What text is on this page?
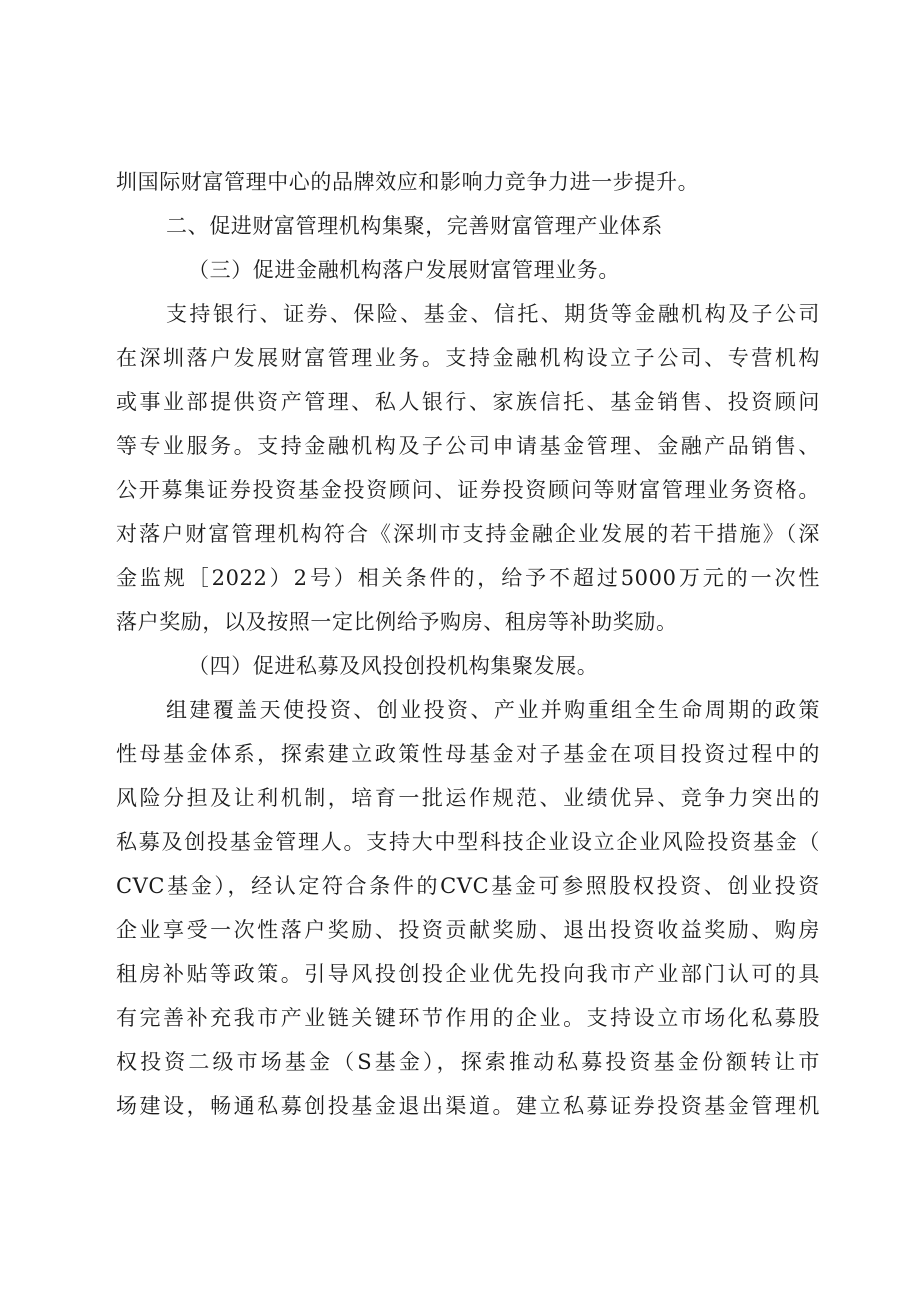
圳国际财富管理中心的品牌效应和影响力竞争力进一步提升。
二、促进财富管理机构集聚，完善财富管理产业体系
（三）促进金融机构落户发展财富管理业务。
支持银行、证券、保险、基金、信托、期货等金融机构及子公司
在深圳落户发展财富管理业务。支持金融机构设立子公司、专营机构
或事业部提供资产管理、私人银行、家族信托、基金销售、投资顾问
等专业服务。支持金融机构及子公司申请基金管理、金融产品销售、
公开募集证券投资基金投资顾问、证券投资顾问等财富管理业务资格。
对落户财富管理机构符合《深圳市支持金融企业发展的若干措施》（深
金监规［2022）2号）相关条件的，给予不超过5000万元的一次性
落户奖励，以及按照一定比例给予购房、租房等补助奖励。
（四）促进私募及风投创投机构集聚发展。
组建覆盖天使投资、创业投资、产业并购重组全生命周期的政策
性母基金体系，探索建立政策性母基金对子基金在项目投资过程中的
风险分担及让利机制，培育一批运作规范、业绩优异、竞争力突出的
私募及创投基金管理人。支持大中型科技企业设立企业风险投资基金（
CVC基金），经认定符合条件的CVC基金可参照股权投资、创业投资
企业享受一次性落户奖励、投资贡献奖励、退出投资收益奖励、购房
租房补贴等政策。引导风投创投企业优先投向我市产业部门认可的具
有完善补充我市产业链关键环节作用的企业。支持设立市场化私募股
权投资二级市场基金（S基金），探索推动私募投资基金份额转让市
场建设，畅通私募创投基金退出渠道。建立私募证券投资基金管理机
